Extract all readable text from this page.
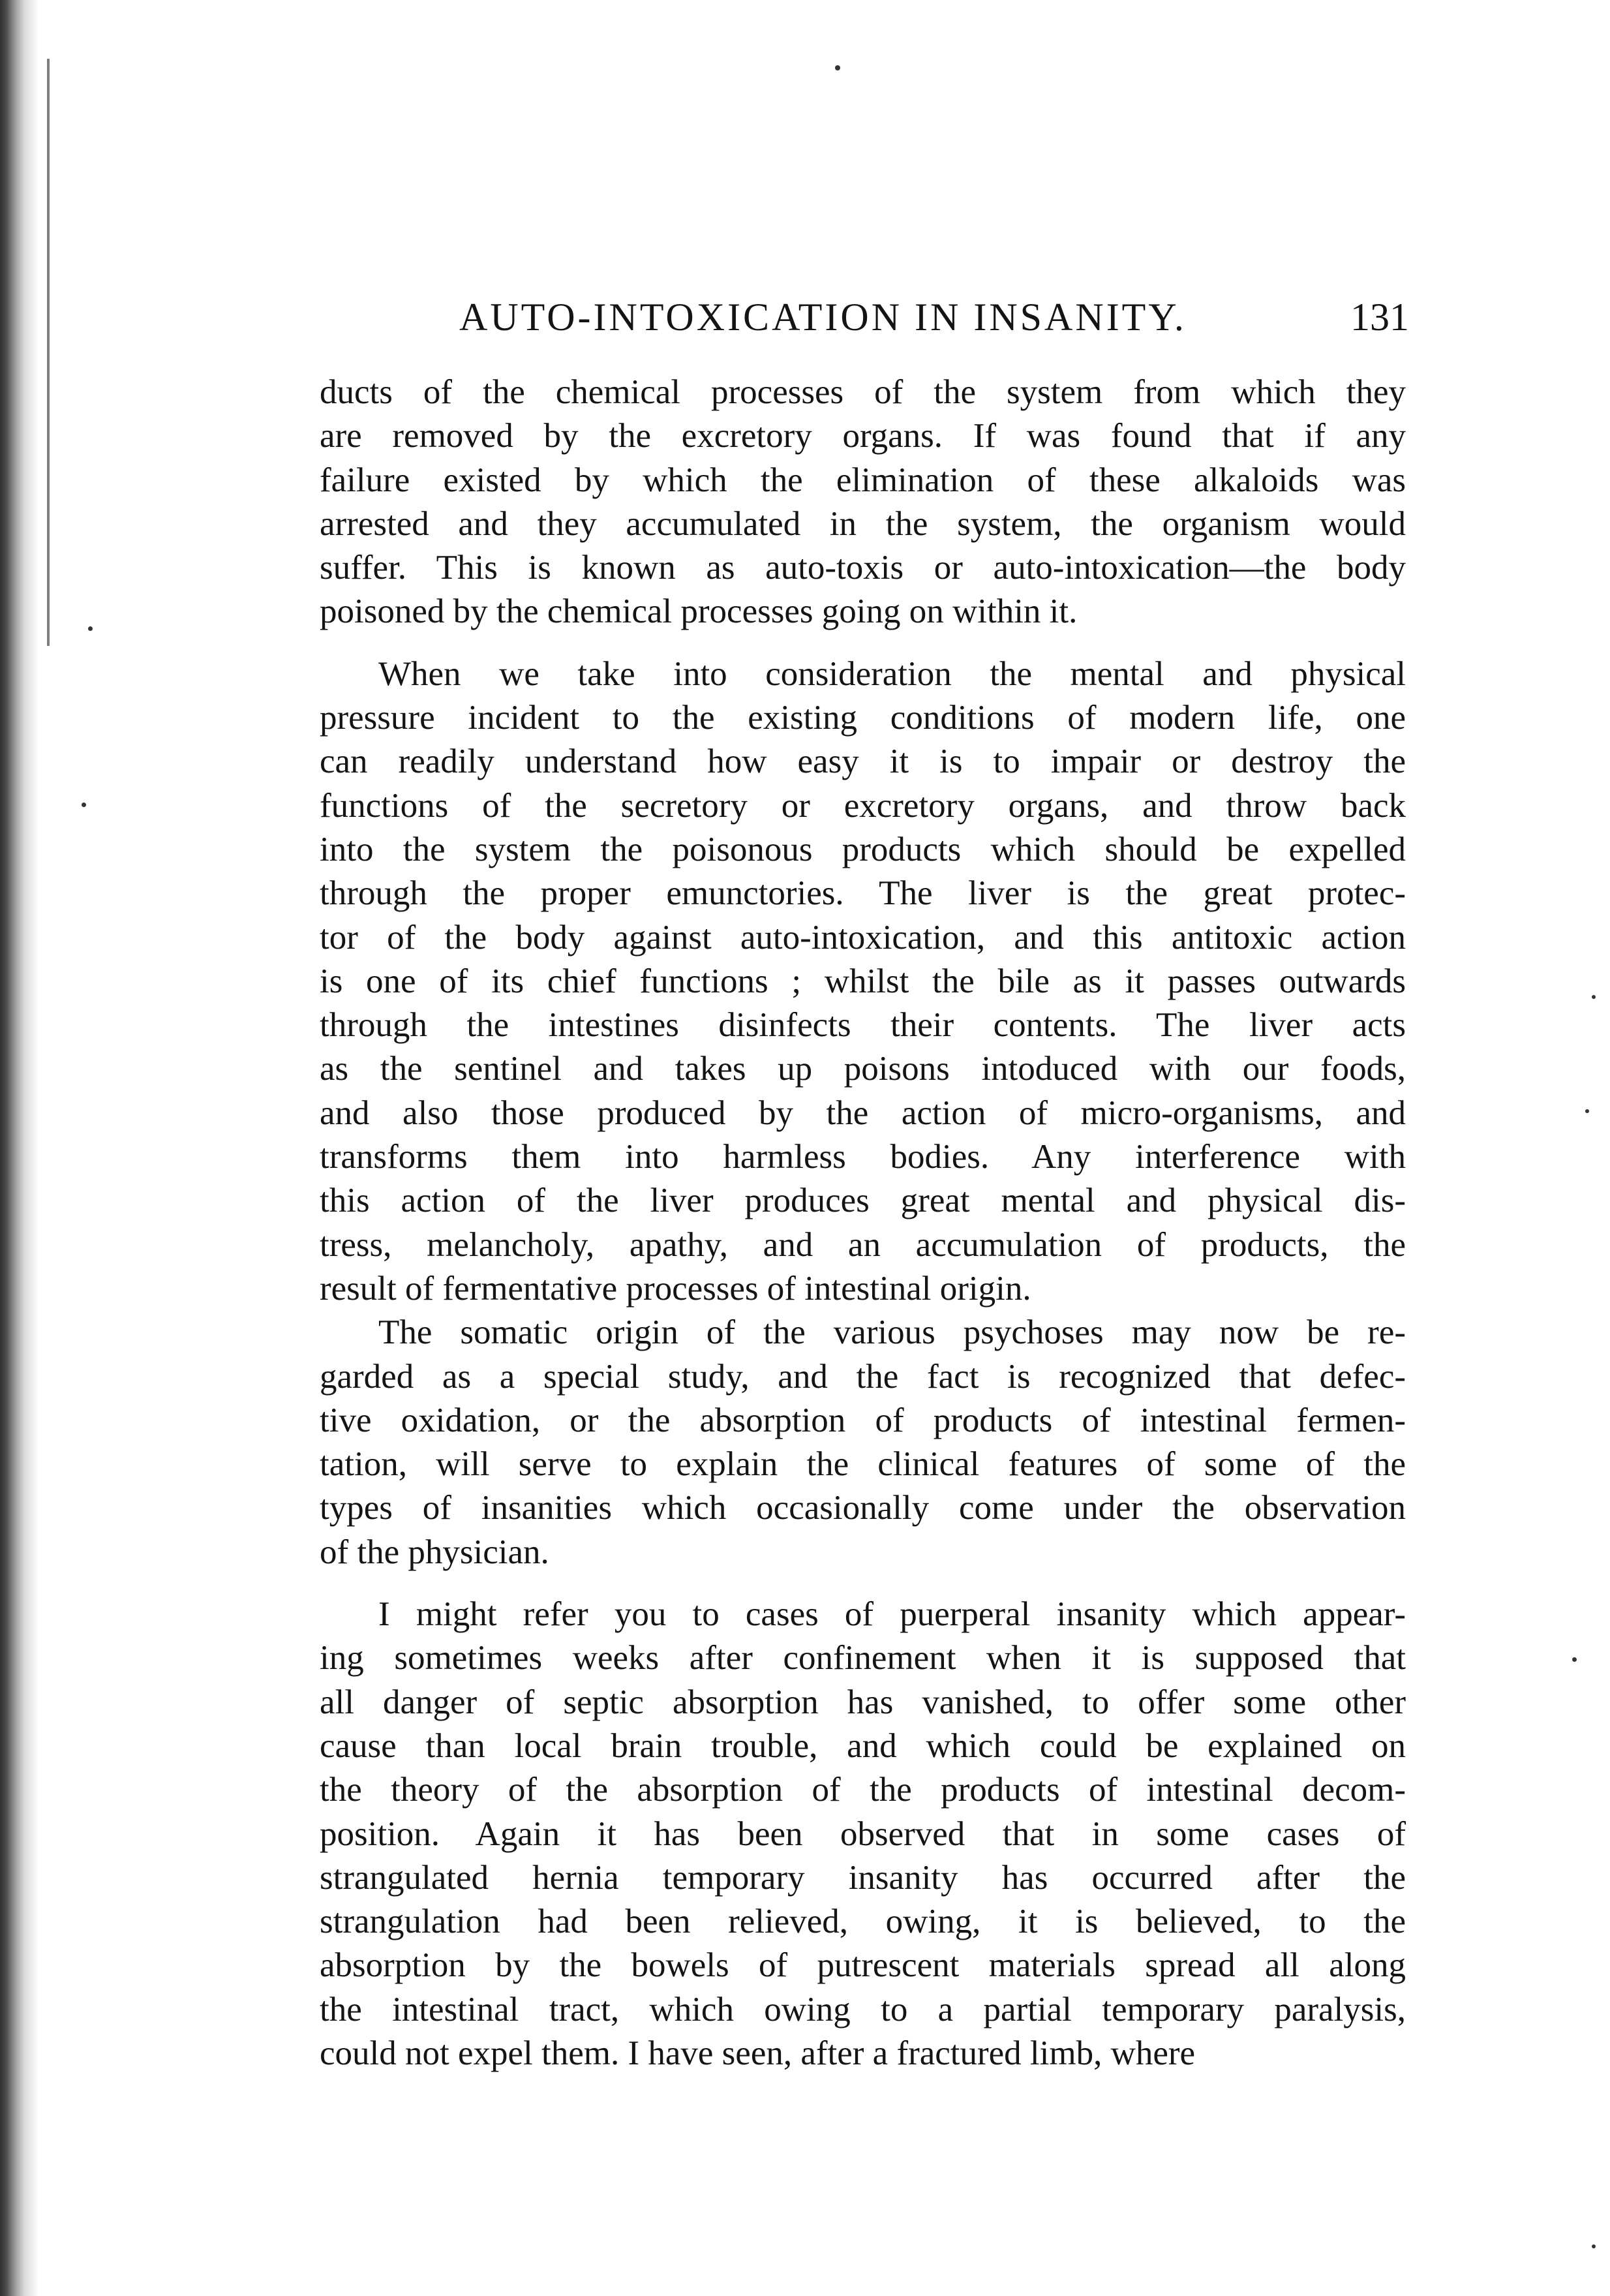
AUTO-INTOXICATION IN INSANITY.	131
ducts of the chemical processes of the system from which they
are removed by the excretory organs. If was found that if any
failure existed by which the elimination of these alkaloids was
arrested and they accumulated in the system, the organism would
suffer. This is known as auto-toxis or auto-intoxication—the body
poisoned by the chemical processes going on within it.
When we take into consideration the mental and physical
pressure incident to the existing conditions of modern life, one
can readily understand how easy it is to impair or destroy the
functions of the secretory or excretory organs, and throw back
into the system the poisonous products which should be expelled
through the proper emunctories. The liver is the great protec-
tor of the body against auto-intoxication, and this antitoxic action
is one of its chief functions ; whilst the bile as it passes outwards
through the intestines disinfects their contents. The liver acts
as the sentinel and takes up poisons intoduced with our foods,
and also those produced by the action of micro-organisms, and
transforms them into harmless bodies. Any interference with
this action of the liver produces great mental and physical dis-
tress, melancholy, apathy, and an accumulation of products, the
result of fermentative processes of intestinal origin.
The somatic origin of the various psychoses may now be re-
garded as a special study, and the fact is recognized that defec-
tive oxidation, or the absorption of products of intestinal fermen-
tation, will serve to explain the clinical features of some of the
types of insanities which occasionally come under the observation
of the physician.
I might refer you to cases of puerperal insanity which appear-
ing sometimes weeks after confinement when it is supposed that
all danger of septic absorption has vanished, to offer some other
cause than local brain trouble, and which could be explained on
the theory of the absorption of the products of intestinal decom-
position. Again it has been observed that in some cases of
strangulated hernia temporary insanity has occurred after the
strangulation had been relieved, owing, it is believed, to the
absorption by the bowels of putrescent materials spread all along
the intestinal tract, which owing to a partial temporary paralysis,
could not expel them. I have seen, after a fractured limb, where
